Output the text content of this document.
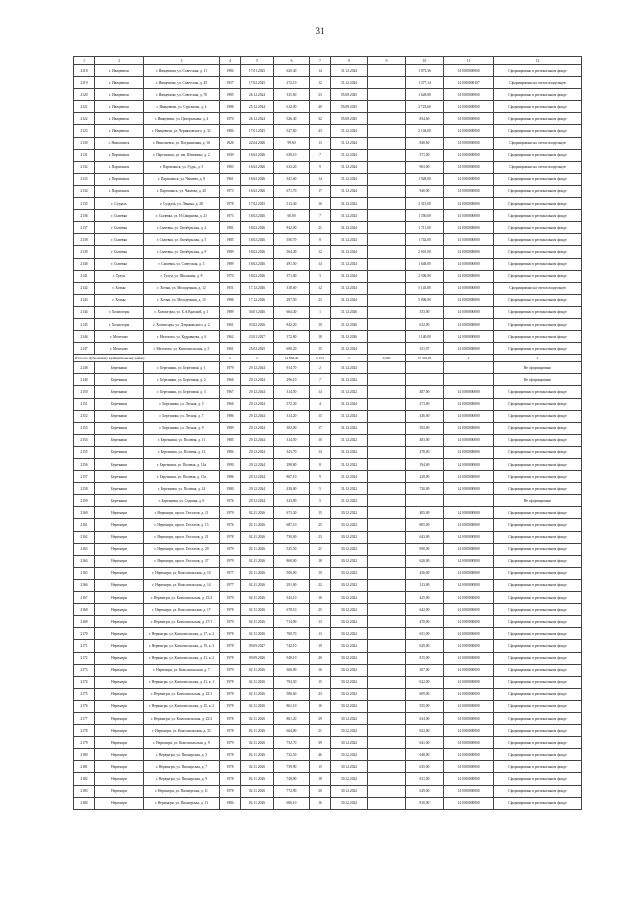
31
1	2	3	4	5	6	7	8	9	10	11	12
2118	г. Ивацевичи	г. Ивацевичи, ул. Советская, д. 11	1984	17.01.2025	620,40	14	31.12.2024		1 873,36	14 1000000000	Сформировано в региональном фонде
2119	г. Ивацевичи	г. Ивацевичи, ул. Советская, д. 45	1957	17.02.2025	272,10	12	31.12.2024		1 377,14	14 1000000107	Сформировано на счетах владельцев
2120	г. Ивацевичи	г. Ивацевичи, ул. Советская, д. 70	1985	26.12.2024	335,60	23	05.08.2025		1 628,80	14 1000000000	Сформировано в региональном фонде
2121	г. Ивацевичи	г. Ивацевичи, ул. Сурганова, д. 4	1986	25.12.2024	612,00	40	05.08.2025		2 723,60	14 1000000000	Сформировано в региональном фонде
2122	г. Ивацевичи	г. Ивацевичи, ул. Центральная, д. 4	1970	26.12.2024	526,40	32	05.08.2025		834,60	14 1000000000	Сформировано в региональном фонде
2123	г. Ивацевичи	г. Ивацевичи, ул. Черняховского, д. 32	1984	17.01.2025	527,60	43	31.12.2024		2 104,00	14 1000000000	Сформировано в региональном фонде
2130	г. Николаевск	г. Николаевск, ул. Пограничная, д. 16	1826	22.04.2026	99,60	13	31.12.2024		840,60	14 1000000000	Сформировано на счетах владельцев
2131	г. Партизанск	г. Партизанск, ул. им. Шевченко, д. 2	1949	16.02.2026	638,10	7	31.12.2024		371,00	14 1000000000	Сформировано в региональном фонде
2132	г. Партизанск	г. Партизанск, ул. Гудзь, д. 5	1983	16.02.2026	612,20	9	31.12.2024		963,00	14 1000000000	Сформировано на счетах владельцев
2133	г. Партизанск	г. Партизанск, ул. Чапаева, д. 8	1961	16.02.2026	341,60	14	31.12.2024		1 928,00	14 1000000000	Сформировано в региональном фонде
2134	г. Партизанск	г. Партизанск, ул. Чапаева, д. 20	1973	16.02.2026	671,70	17	31.12.2024		940,00	14 1000000000	Сформировано в региональном фонде
2135	г. Суздаль	г. Суздаль, ул. Ленина, д. 28	1978	17.02.2025	513,40	16	31.12.2022		2 315,00	14 1000000000	Сформировано в региональном фонде
2136	г. Сычевка	г. Сычевка, ул. Н.Смирнова, д. 21	1973	18.02.2026	60,00	7	31.12.2024		1 350,00	14 1000000000	Сформировано в региональном фонде
2137	г. Сычевка	г. Сычевка, ул. Октябрьская, д. 2	1981	18.02.2026	842,00	21	31.12.2024		1 711,00	14 1000000000	Сформировано в региональном фонде
2138	г. Сычевка	г. Сычевка, ул. Октябрьская, д. 5	1985	18.02.2026	550,70	8	31.12.2024		1 742,00	14 1000000000	Сформировано в региональном фонде
2139	г. Сычевка	г. Сычевка, ул. Октябрьская, д. 9	1989	18.02.2026	564,40	12	31.12.2024		2 001,00	14 1000000000	Сформировано в региональном фонде
2140	г. Сычевка	г. Сычевка, ул. Советская, д. 3	1989	18.02.2026	491,50	14	31.12.2024		1 648,00	14 1000000000	Сформировано в региональном фонде
2141	г. Тулун	г. Тулун, ул. Школьная, д. 8	1970	18.02.2026	371,80	3	31.12.2024		2 500,00	14 1000000000	Сформировано в региональном фонде
2142	г. Хотын	г. Хотын, ул. Молодежная, д. 12	1951	17.12.2026	318,60	12	31.12.2024		5 145,00	14 1000000000	Сформировано на счетах владельцев
2143	г. Хотын	г. Хотын, ул. Молодежная, д. 15	1986	17.12.2026	287,50	23	31.12.2024		5 000,00	14 1000000000	Сформировано в региональном фонде
2144	г. Холмогоры	г. Холмогоры, ул. Б.А.Красной, д. 1	1989	30.01.2026	664,40	1	31.12.2026		353,00	14 1000000000	Сформировано в региональном фонде
2145	г. Холмогоры	г. Холмогоры, ул. Дзержинского, д. 2	1961	03.02.2026	842,20	10	31.12.2026		632,00	14 1000000000	Сформировано в региональном фонде
2146	г. Мелехово	г. Мелехово, ул. Кудрявцева, д. 6	1962	23.01.2027	172,80	18	31.12.2026		1 140,00	14 1000000000	Сформировано в региональном фонде
2147	г. Мелехово	г. Мелехово, ул. Комсомольская, д. 5	1961	25.02.2025	690,20	15	31.12.2024		611,97	14 1000000000	Сформировано в региональном фонде
Итого по Дубровскому муниципальному району			x	x	14 838,40	2 474	x	0,000	27 329,05	x	x
2148	Березники	г. Березники, ул. Березовая, д. 1	1979	29.12.2024	914,70	2	31.12.2024				Не сформировано
2149	Березники	г. Березники, ул. Березовая, д. 2	1966	29.12.2024	296,10	7	31.12.2022				Не сформировано
2150	Березники	г. Березники, ул. Березовая, д. 3	1967	29.12.2024	314,50	14	31.12.2022		487,00	14 1000000000	Сформировано в региональном фонде
2151	Березники	г. Березники, ул. Лесная, д. 5	1966	29.12.2024	572,30	4	31.12.2024		273,00	14 1000000000	Сформировано в региональном фонде
2152	Березники	г. Березники, ул. Лесная, д. 7	1986	29.12.2024	314,20	15	31.12.2024		436,00	14 1000000000	Сформировано в региональном фонде
2153	Березники	г. Березники, ул. Лесная, д. 9	1989	29.12.2024	302,00	17	31.12.2022		593,00	14 1000000000	Сформировано в региональном фонде
2154	Березники	г. Березники, ул. Полевая, д. 11	1985	29.12.2024	314,50	10	31.12.2022		483,00	14 1000000000	Сформировано в региональном фонде
2155	Березники	г. Березники, ул. Полевая, д. 13	1984	29.12.2024	343,70	14	31.12.2022		478,00	14 1000000000	Сформировано в региональном фонде
2156	Березники	г. Березники, ул. Полевая, д. 14а	1990	29.12.2024	298,80	8	31.12.2022		194,00	14 1000000000	Сформировано в региональном фонде
2157	Березники	г. Березники, ул. Полевая, д. 15а	1986	29.12.2024	867,10	9	31.12.2024		228,00	14 1000000000	Сформировано в региональном фонде
2158	Березники	г. Березники, ул. Полевая, д. 24	1980	29.12.2024	438,00	5	31.12.2022		720,00	14 1000000000	Сформировано в региональном фонде
2159	Березники	г. Березники, ул. Садовая, д. 6	1976	29.12.2024	323,90	5	31.12.2022				Не сформировано
2160	Нерюнгри	г. Нерюнгри, просп. Геологов, д. 11	1979	02.11.2026	673,30	15	30.12.2022		405,00	14 1000000000	Сформировано в региональном фонде
2161	Нерюнгри	г. Нерюнгри, просп. Геологов, д. 15	1976	02.11.2026	687,10	25	30.12.2022		805,00	14 1000000000	Сформировано в региональном фонде
2162	Нерюнгри	г. Нерюнгри, просп. Геологов, д. 21	1978	02.11.2026	730,00	23	30.12.2022		643,00	14 1000000000	Сформировано в региональном фонде
2163	Нерюнгри	г. Нерюнгри, просп. Геологов, д. 29	1979	02.11.2026	525,50	21	30.12.2022		690,00	14 1000000000	Сформировано в региональном фонде
2164	Нерюнгри	г. Нерюнгри, просп. Геологов, д. 37	1979	02.11.2026	868,00	18	30.12.2022		620,00	14 1000000000	Сформировано в региональном фонде
2165	Нерюнгри	г. Нерюнгри, ул. Комсомольская, д. 10	1977	02.11.2026	500,00	10	30.12.2022		436,00	14 1000000000	Сформировано в региональном фонде
2166	Нерюнгри	г. Нерюнгри, ул. Комсомольская, д. 14	1977	02.11.2026	291,00	22	30.12.2022		313,00	14 1000000000	Сформировано в региональном фонде
2167	Нерюнгри	г. Нерюнгри, ул. Комсомольская, д. 15/2	1979	02.11.2026	343,10	16	30.12.2022		425,00	14 1000000000	Сформировано в региональном фонде
2168	Нерюнгри	г. Нерюнгри, ул. Комсомольская, д. 17	1978	02.11.2026	678,10	25	30.12.2022		642,00	14 1000000000	Сформировано в региональном фонде
2169	Нерюнгри	г. Нерюнгри, ул. Комсомольская, д. 17/1	1979	02.11.2026	714,00	13	30.12.2022		470,00	14 1000000000	Сформировано в региональном фонде
2170	Нерюнгри	г. Нерюнгри, ул. Комсомольская, д. 17, к. 2	1978	02.11.2026	700,70	13	30.12.2022		631,00	14 1000000000	Сформировано в региональном фонде
2171	Нерюнгри	г. Нерюнгри, ул. Комсомольская, д. 19, к. 3	1978	09.09.2027	742,10	19	30.12.2022		629,00	14 1000000000	Сформировано в региональном фонде
2172	Нерюнгри	г. Нерюнгри, ул. Комсомольская, д. 21, к. 2	1978	09.09.2026	948,10	40	30.12.2022		815,00	14 1000000000	Сформировано в региональном фонде
2173	Нерюнгри	г. Нерюнгри, ул. Комсомольская, д. 7	1979	02.11.2026	366,90	16	30.12.2022		307,00	14 1000000000	Сформировано в региональном фонде
2174	Нерюнгри	г. Нерюнгри, ул. Комсомольская, д. 21, к. 1	1978	02.11.2026	794,50	15	30.12.2022		622,00	14 1000000000	Сформировано в региональном фонде
2175	Нерюнгри	г. Нерюнгри, ул. Комсомольская, д. 23/1	1978	02.11.2026	586,60	43	30.12.2022		609,00	14 1000000000	Сформировано в региональном фонде
2176	Нерюнгри	г. Нерюнгри, ул. Комсомольская, д. 25, к. 2	1978	02.11.2026	861,10	16	30.12.2022		555,00	14 1000000000	Сформировано в региональном фонде
2177	Нерюнгри	г. Нерюнгри, ул. Комсомольская, д. 25/2	1978	02.11.2026	861,20	29	30.12.2022		634,00	14 1000000000	Сформировано в региональном фонде
2178	Нерюнгри	г. Нерюнгри, ул. Комсомольская, д. 33	1978	02.11.2026	664,00	21	30.12.2022		623,00	14 1000000000	Сформировано в региональном фонде
2179	Нерюнгри	г. Нерюнгри, ул. Комсомольская, д. 9	1979	02.11.2026	752,70	39	30.12.2022		641,00	14 1000000000	Сформировано в региональном фонде
2180	Нерюнгри	г. Нерюнгри, ул. Пионерская, д. 3	1978	02.11.2026	732,50	46	30.12.2022		648,00	14 1000000000	Сформировано в региональном фонде
2181	Нерюнгри	г. Нерюнгри, ул. Пионерская, д. 7	1978	02.11.2026	739,90	15	30.12.2022		635,00	14 1000000000	Сформировано в региональном фонде
2182	Нерюнгри	г. Нерюнгри, ул. Пионерская, д. 9	1978	02.11.2026	748,00	18	30.12.2022		631,00	14 1000000000	Сформировано в региональном фонде
2183	Нерюнгри	г. Нерюнгри, ул. Пионерская, д. 11	1978	02.11.2026	772,90	20	30.12.2022		629,00	14 1000000000	Сформировано в региональном фонде
2184	Нерюнгри	г. Нерюнгри, ул. Пионерская, д. 13	1984	02.11.2026	606,10	16	30.12.2022		816,00	14 1000000000	Сформировано в региональном фонде
